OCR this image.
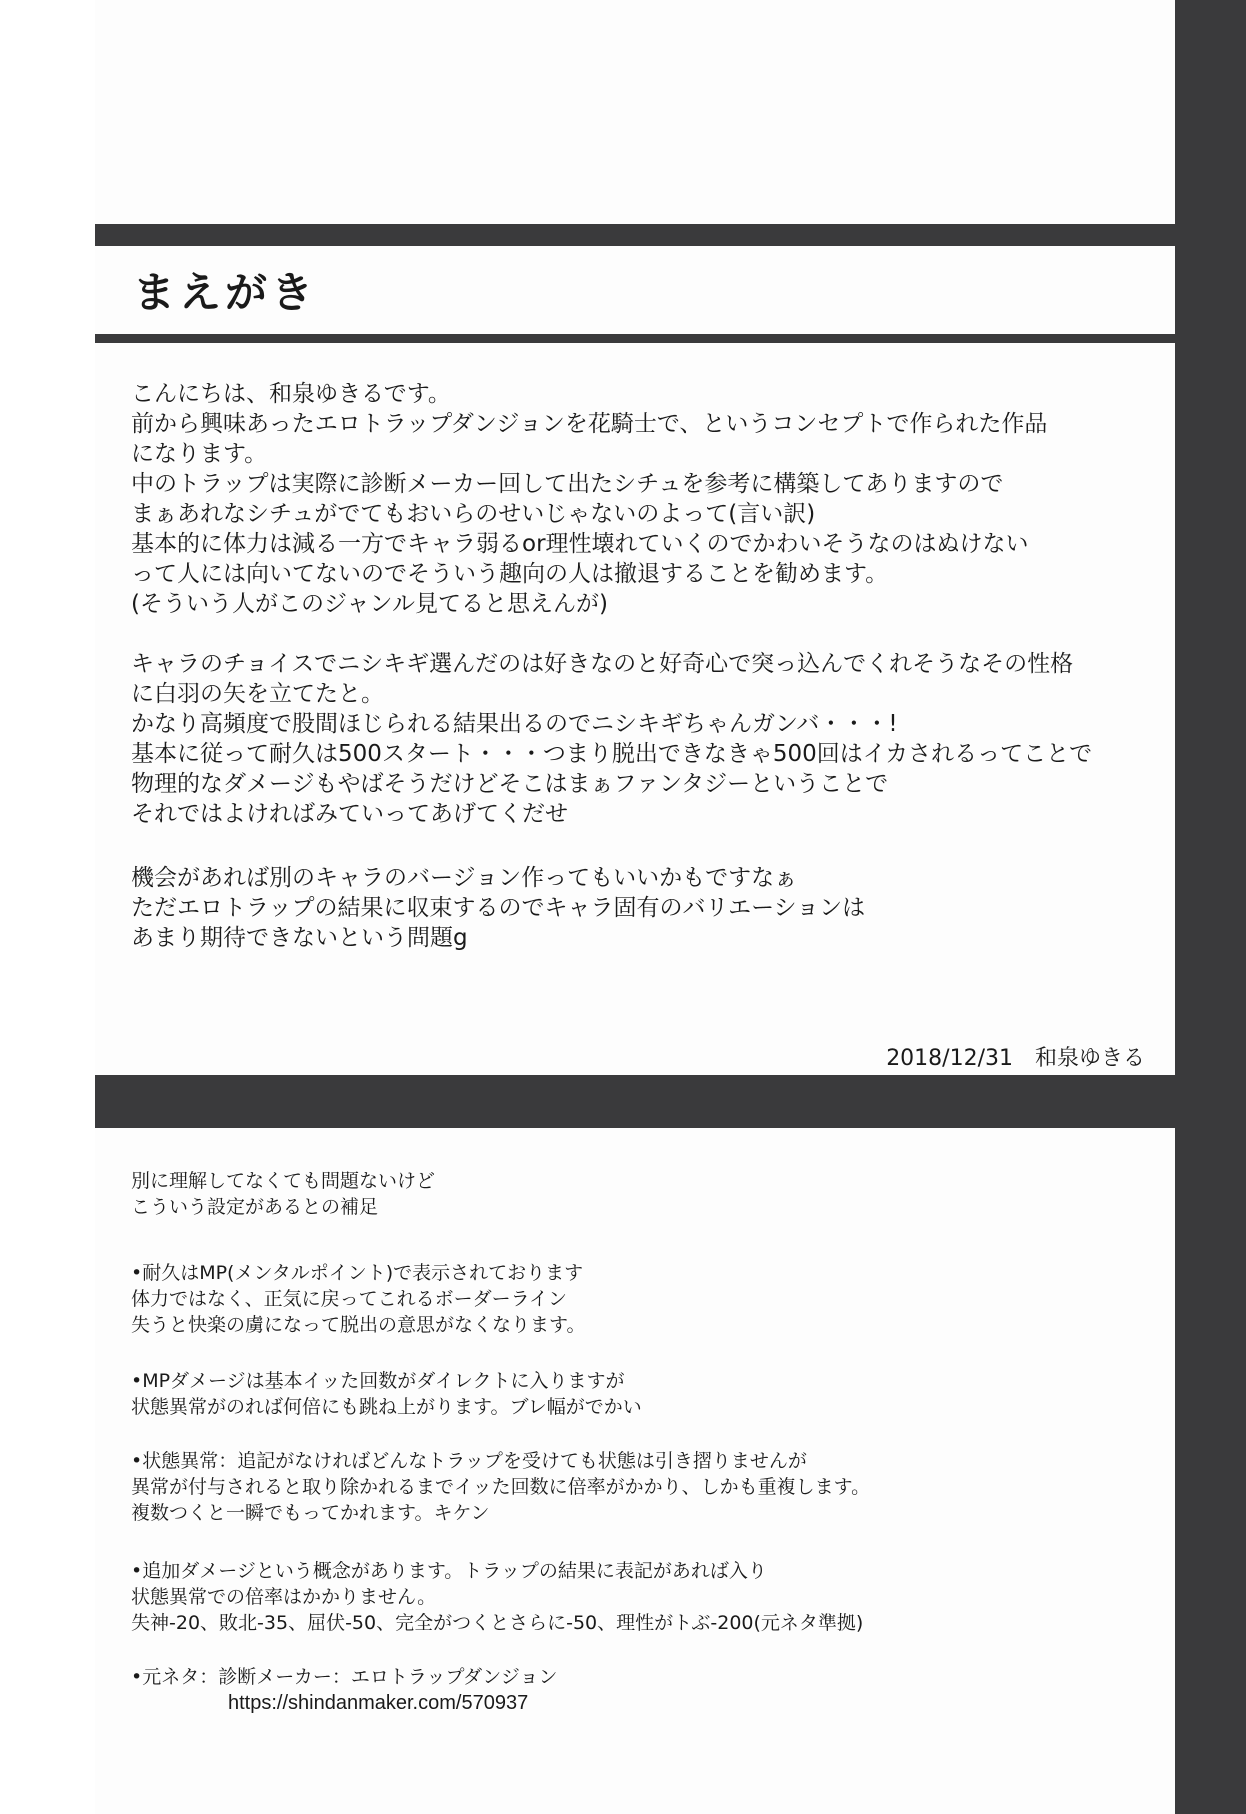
まえがき

こんにちは、和泉ゆきるです。
前から興味あったエロトラップダンジョンを花騎士で、というコンセプトで作られた作品
になります。
中のトラップは実際に診断メーカー回して出たシチュを参考に構築してありますので
まぁあれなシチュがでてもおいらのせいじゃないのよって(言い訳)
基本的に体力は減る一方でキャラ弱るor理性壊れていくのでかわいそうなのはぬけない
って人には向いてないのでそういう趣向の人は撤退することを勧めます。
(そういう人がこのジャンル見てると思えんが)

キャラのチョイスでニシキギ選んだのは好きなのと好奇心で突っ込んでくれそうなその性格
に白羽の矢を立てたと。
かなり高頻度で股間ほじられる結果出るのでニシキギちゃんガンバ・・・!
基本に従って耐久は500スタート・・・つまり脱出できなきゃ500回はイカされるってことで
物理的なダメージもやばそうだけどそこはまぁファンタジーということで
それではよければみていってあげてくだせ

機会があれば別のキャラのバージョン作ってもいいかもですなぁ
ただエロトラップの結果に収束するのでキャラ固有のバリエーションは
あまり期待できないという問題g

2018/12/31　和泉ゆきる

別に理解してなくても問題ないけど
こういう設定があるとの補足

•耐久はMP(メンタルポイント)で表示されております
体力ではなく、正気に戻ってこれるボーダーライン
失うと快楽の虜になって脱出の意思がなくなります。

•MPダメージは基本イッた回数がダイレクトに入りますが
状態異常がのれば何倍にも跳ね上がります。ブレ幅がでかい

•状態異常：追記がなければどんなトラップを受けても状態は引き摺りませんが
異常が付与されると取り除かれるまでイッた回数に倍率がかかり、しかも重複します。
複数つくと一瞬でもってかれます。キケン

•追加ダメージという概念があります。トラップの結果に表記があれば入り
状態異常での倍率はかかりません。
失神-20、敗北-35、屈伏-50、完全がつくとさらに-50、理性がトぶ-200(元ネタ準拠)

•元ネタ：診断メーカー：エロトラップダンジョン

https://shindanmaker.com/570937
